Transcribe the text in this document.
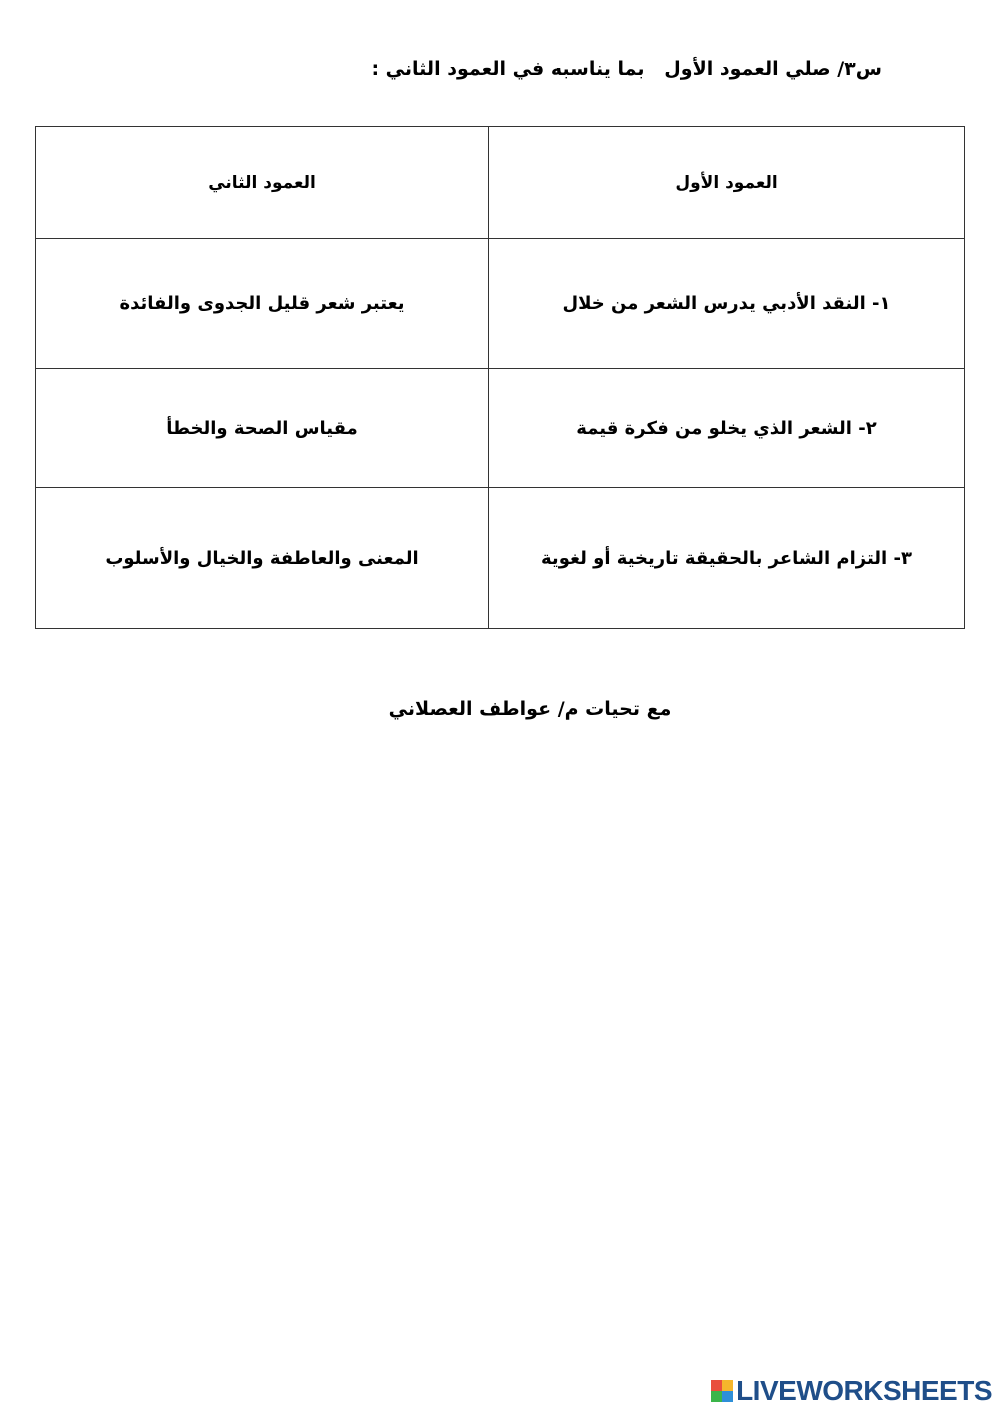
س٣/ صلي العمود الأول   بما يناسبه في العمود الثاني :
العمود الأول	العمود الثاني
١- النقد الأدبي يدرس الشعر من خلال	يعتبر شعر قليل الجدوى والفائدة
٢- الشعر الذي يخلو من فكرة قيمة	مقياس الصحة والخطأ
٣- التزام الشاعر بالحقيقة تاريخية أو لغوية	المعنى والعاطفة والخيال والأسلوب
مع تحيات م/ عواطف العصلاني
LIVEWORKSHEETS
